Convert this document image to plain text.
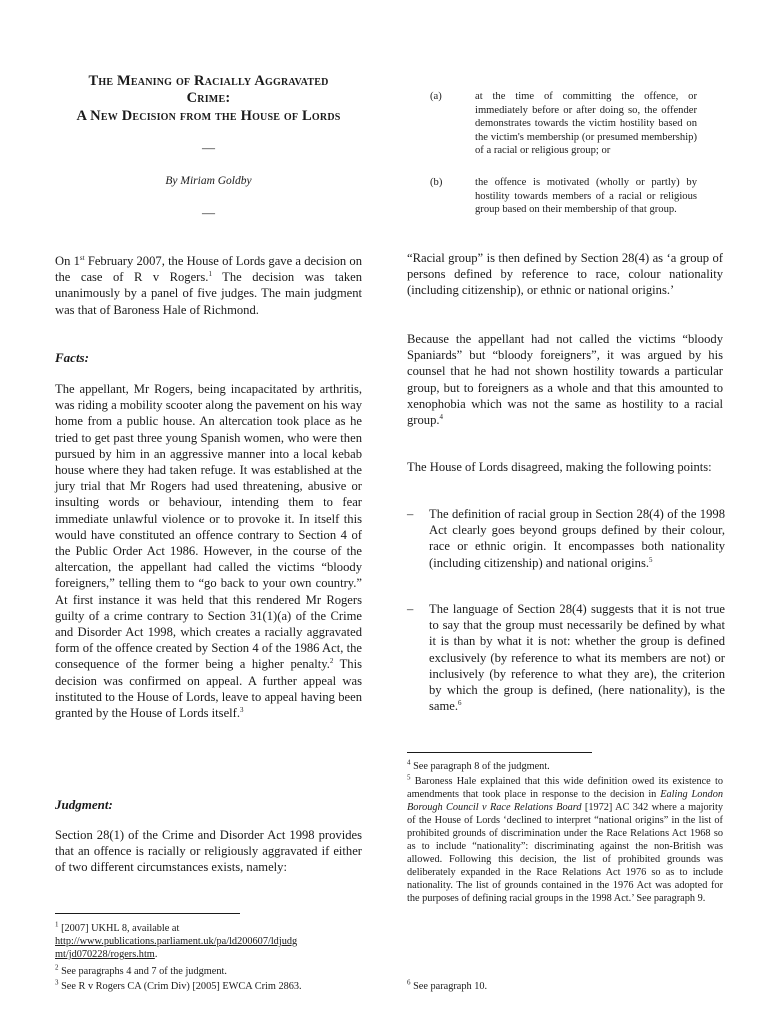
The Meaning of Racially Aggravated
Crime:
A New Decision from the House of Lords
—
By Miriam Goldby
—
On 1st February 2007, the House of Lords gave a decision on the case of R v Rogers.$^1$ The decision was taken unanimously by a panel of five judges. The main judgment was that of Baroness Hale of Richmond.
Facts:
The appellant, Mr Rogers, being incapacitated by arthritis, was riding a mobility scooter along the pavement on his way home from a public house. An altercation took place as he tried to get past three young Spanish women, who were then pursued by him in an aggressive manner into a local kebab house where they had taken refuge. It was established at the jury trial that Mr Rogers had used threatening, abusive or insulting words or behaviour, intending them to fear immediate unlawful violence or to provoke it. In itself this would have constituted an offence contrary to Section 4 of the Public Order Act 1986. However, in the course of the altercation, the appellant had called the victims “bloody foreigners,” telling them to “go back to your own country.” At first instance it was held that this rendered Mr Rogers guilty of a crime contrary to Section 31(1)(a) of the Crime and Disorder Act 1998, which creates a racially aggravated form of the offence created by Section 4 of the 1986 Act, the consequence of the former being a higher penalty.$^2$ This decision was confirmed on appeal. A further appeal was instituted to the House of Lords, leave to appeal having been granted by the House of Lords itself.$^3$
Judgment:
Section 28(1) of the Crime and Disorder Act 1998 provides that an offence is racially or religiously aggravated if either of two different circumstances exists, namely:
$^1$ [2007] UKHL 8, available at
http://www.publications.parliament.uk/pa/ld200607/ldjudg
mt/jd070228/rogers.htm.
$^2$ See paragraphs 4 and 7 of the judgment.
$^3$ See R v Rogers CA (Crim Div) [2005] EWCA Crim 2863.
(a)	at the time of committing the offence, or immediately before or after doing so, the offender demonstrates towards the victim hostility based on the victim's membership (or presumed membership) of a racial or religious group; or
(b)	the offence is motivated (wholly or partly) by hostility towards members of a racial or religious group based on their membership of that group.
“Racial group” is then defined by Section 28(4) as ‘a group of persons defined by reference to race, colour nationality (including citizenship), or ethnic or national origins.’
Because the appellant had not called the victims “bloody Spaniards” but “bloody foreigners”, it was argued by his counsel that he had not shown hostility towards a particular group, but to foreigners as a whole and that this amounted to xenophobia which was not the same as hostility to a racial group.$^4$
The House of Lords disagreed, making the following points:
– The definition of racial group in Section 28(4) of the 1998 Act clearly goes beyond groups defined by their colour, race or ethnic origin. It encompasses both nationality (including citizenship) and national origins.$^5$
– The language of Section 28(4) suggests that it is not true to say that the group must necessarily be defined by what it is than by what it is not: whether the group is defined exclusively (by reference to what its members are not) or inclusively (by reference to what they are), the criterion by which the group is defined, (here nationality), is the same.$^6$
$^4$ See paragraph 8 of the judgment.
$^5$ Baroness Hale explained that this wide definition owed its existence to amendments that took place in response to the decision in Ealing London Borough Council v Race Relations Board [1972] AC 342 where a majority of the House of Lords ‘declined to interpret “national origins” in the list of prohibited grounds of discrimination under the Race Relations Act 1968 so as to include “nationality”: discriminating against the non-British was allowed. Following this decision, the list of prohibited grounds was deliberately expanded in the Race Relations Act 1976 so as to include nationality. The list of grounds contained in the 1976 Act was adopted for the purposes of defining racial groups in the 1998 Act.’ See paragraph 9.
$^6$ See paragraph 10.
